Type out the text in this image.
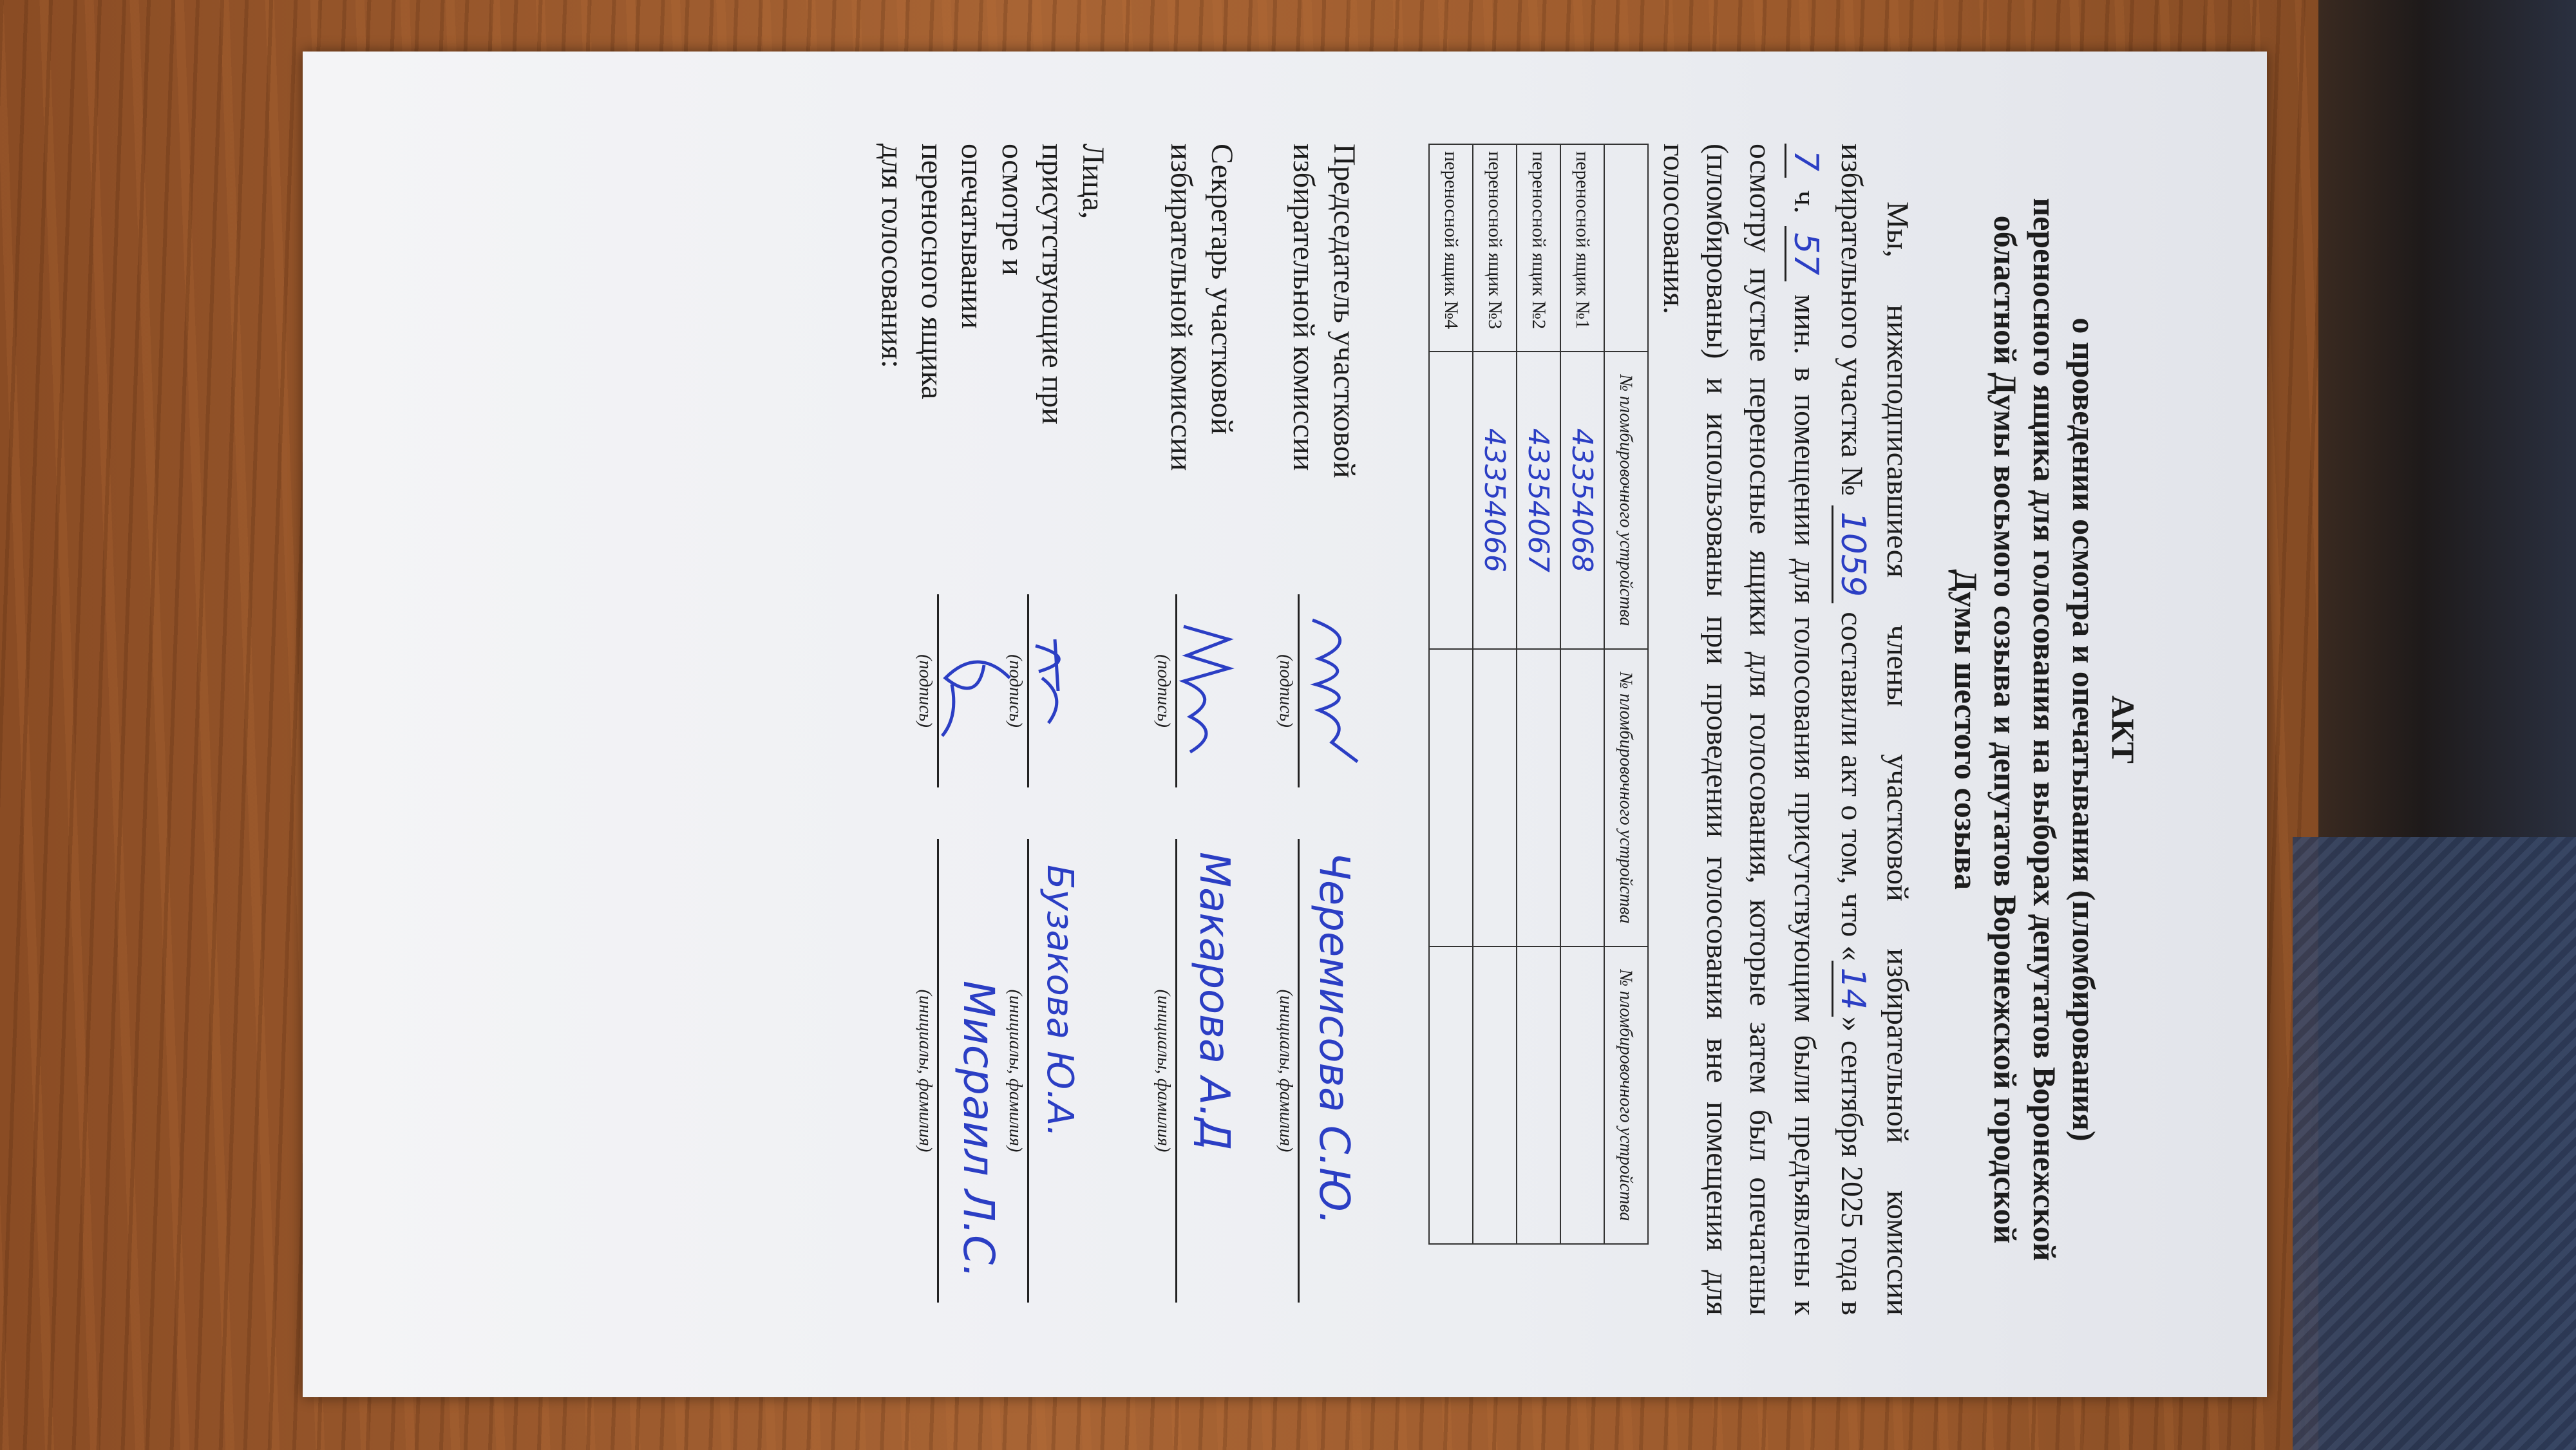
АКТ
о проведении осмотра и опечатывания (пломбирования)
переносного ящика для голосования на выборах депутатов Воронежской
областной Думы восьмого созыва и депутатов Воронежской городской
Думы шестого созыва
Мы, нижеподписавшиеся члены участковой избирательной комиссии избирательного участка № 1059 составили акт о том, что «14» сентября 2025 года в 7 ч. 57 мин. в помещении для голосования присутствующим были предъявлены к осмотру пустые переносные ящики для голосования, которые затем был опечатаны (пломбированы) и использованы при проведении голосования вне помещения для голосования.
	№ пломбировочного устройства	№ пломбировочного устройства	№ пломбировочного устройства
переносной ящик №1	43354068		
переносной ящик №2	43354067		
переносной ящик №3	43354066		
переносной ящик №4			
Председатель участковой избирательной комиссии
(подпись)
Черемисова С.Ю.
(инициалы, фамилия)
Секретарь участковой избирательной комиссии
(подпись)
Макарова А.Д
(инициалы, фамилия)
Лица, присутствующие при осмотре и опечатывании переносного ящика для голосования:
(подпись)
Бузакова Ю.А.
(инициалы, фамилия)
(подпись)
Мисраил Л.С.
(инициалы, фамилия)
